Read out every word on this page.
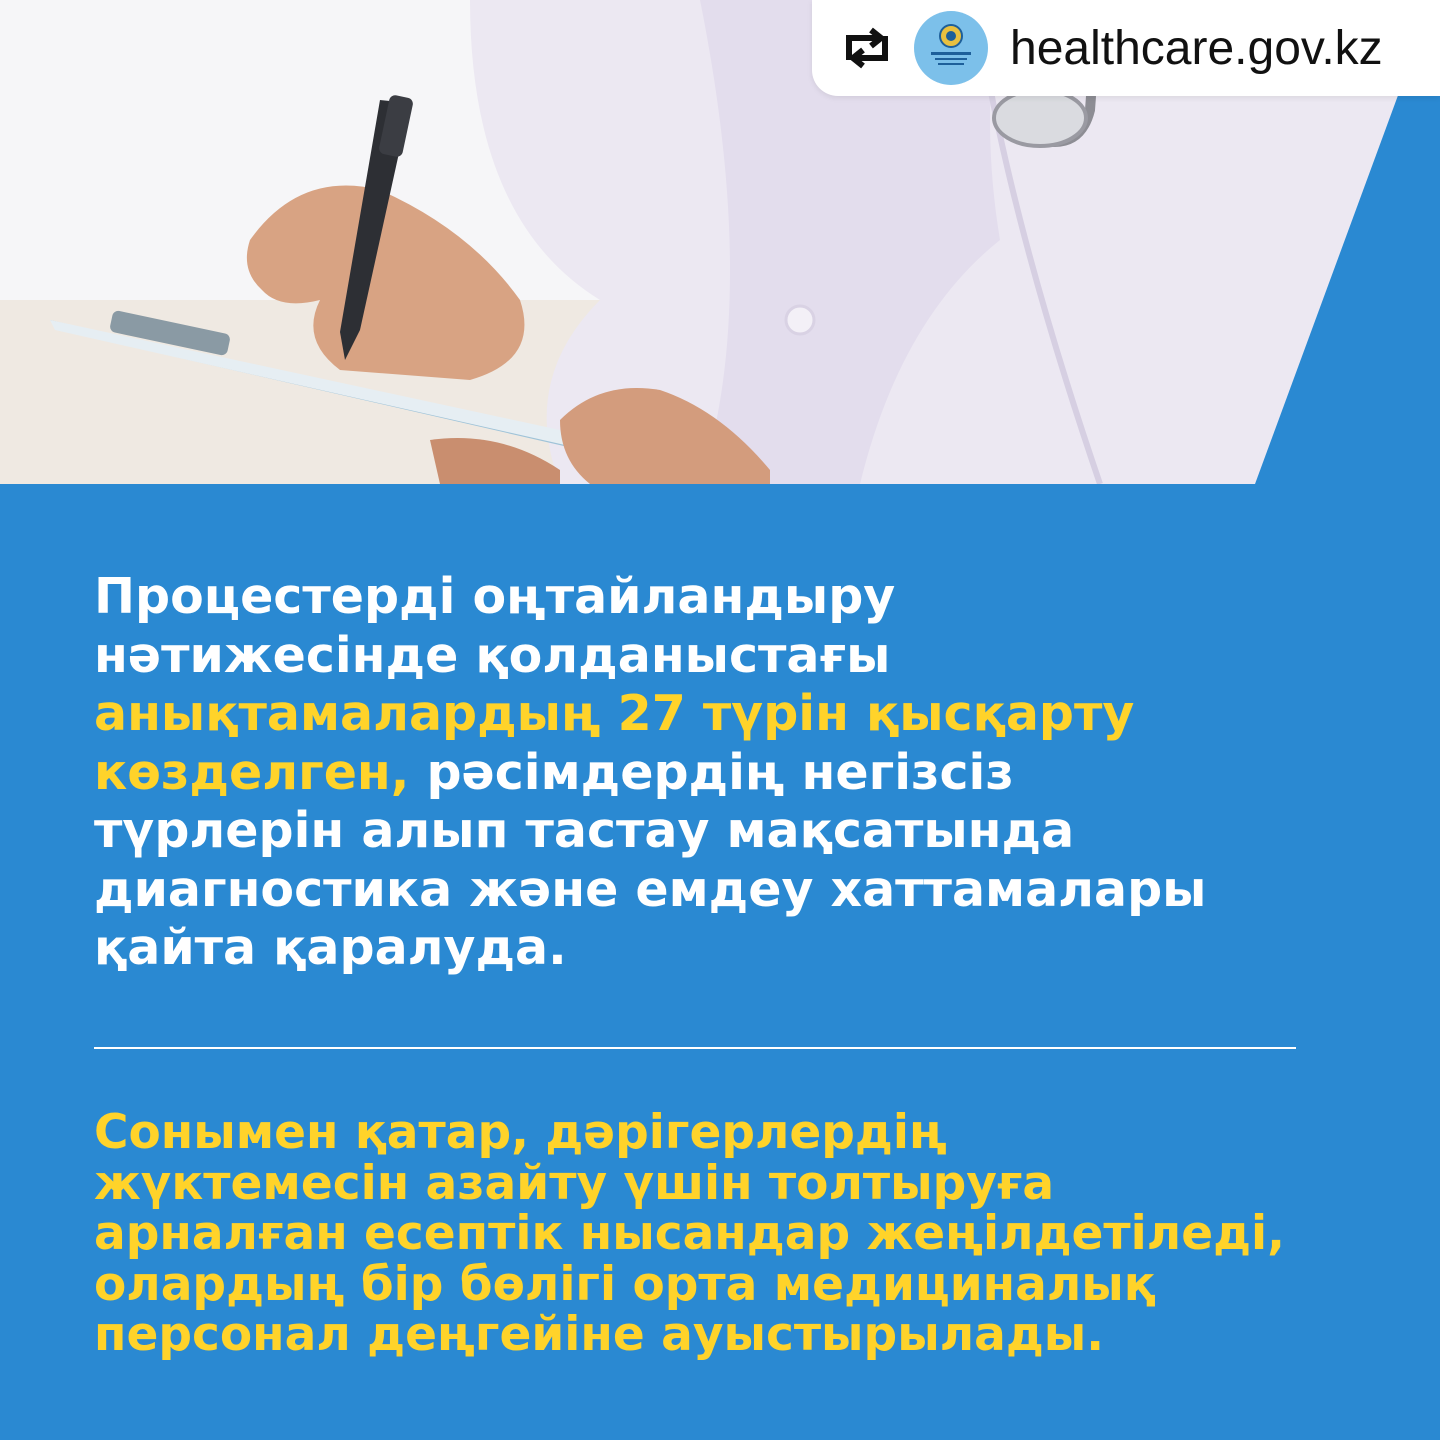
healthcare.gov.kz

Процестерді оңтайландыру
нәтижесінде қолданыстағы
анықтамалардың 27 түрін қысқарту
көзделген, рәсімдердің негізсіз
түрлерін алып тастау мақсатында
диагностика және емдеу хаттамалары
қайта қаралуда.

Сонымен қатар, дәрігерлердің
жүктемесін азайту үшін толтыруға
арналған есептік нысандар жеңілдетіледі,
олардың бір бөлігі орта медициналық
персонал деңгейіне ауыстырылады.
